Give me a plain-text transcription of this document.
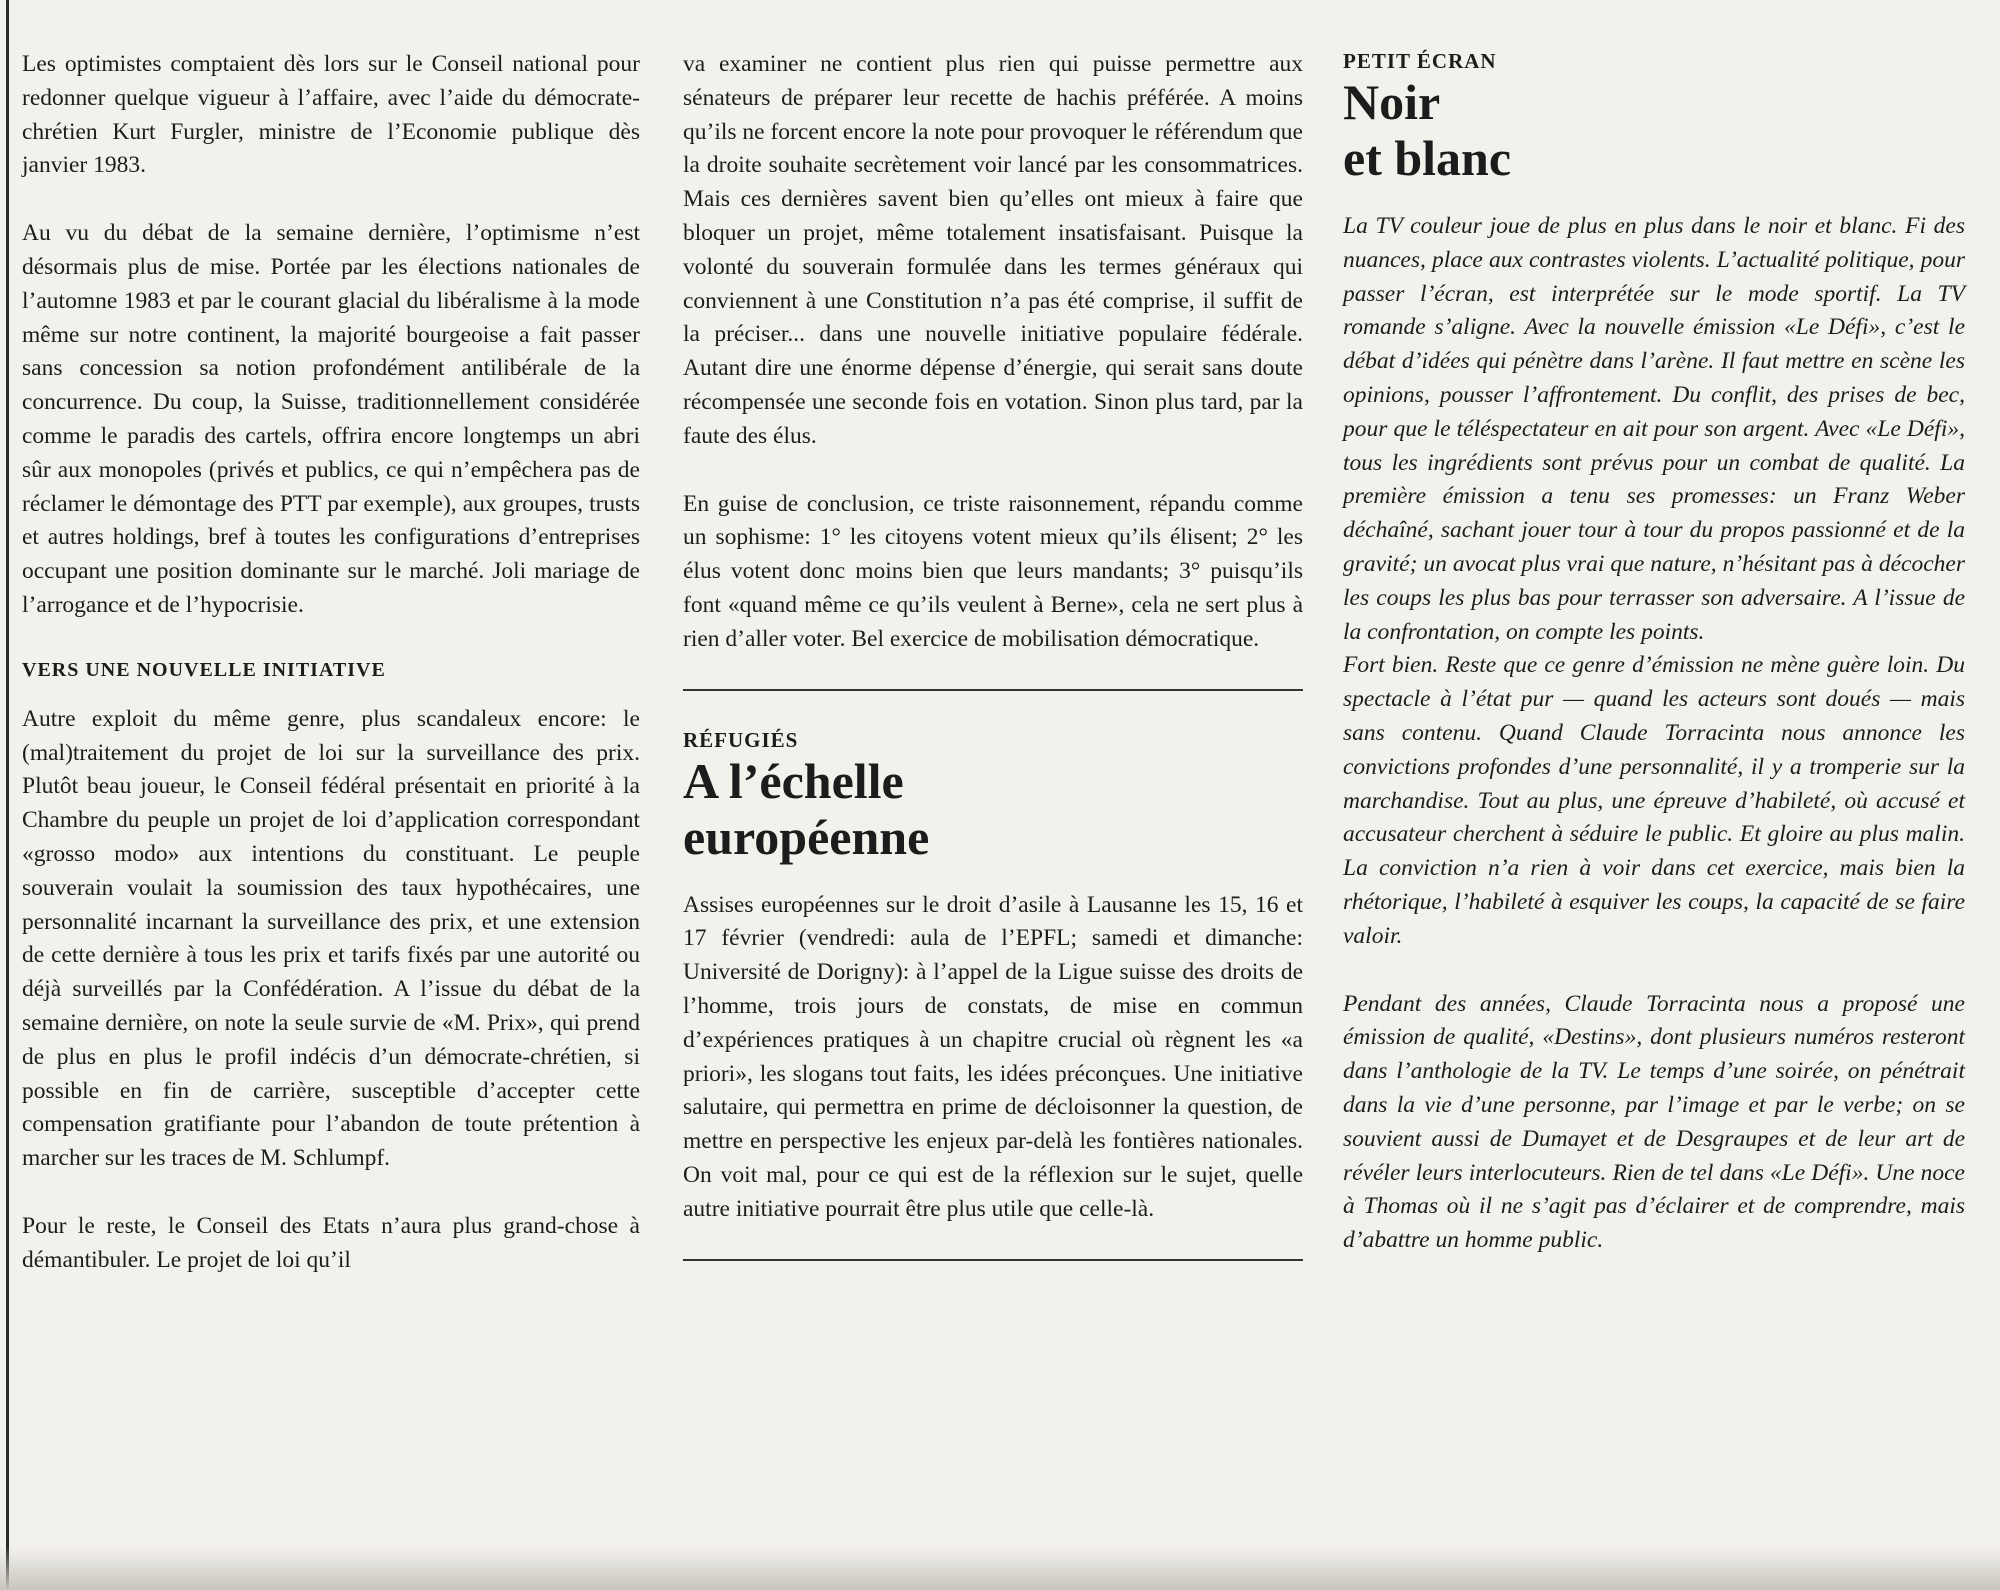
Les optimistes comptaient dès lors sur le Conseil national pour redonner quelque vigueur à l’affaire, avec l’aide du démocrate-chrétien Kurt Furgler, ministre de l’Economie publique dès janvier 1983.

Au vu du débat de la semaine dernière, l’optimisme n’est désormais plus de mise. Portée par les élections nationales de l’automne 1983 et par le courant glacial du libéralisme à la mode même sur notre continent, la majorité bourgeoise a fait passer sans concession sa notion profondément antilibérale de la concurrence. Du coup, la Suisse, traditionnellement considérée comme le paradis des cartels, offrira encore longtemps un abri sûr aux monopoles (privés et publics, ce qui n’empêchera pas de réclamer le démontage des PTT par exemple), aux groupes, trusts et autres holdings, bref à toutes les configurations d’entreprises occupant une position dominante sur le marché. Joli mariage de l’arrogance et de l’hypocrisie.

VERS UNE NOUVELLE INITIATIVE

Autre exploit du même genre, plus scandaleux encore: le (mal)traitement du projet de loi sur la surveillance des prix. Plutôt beau joueur, le Conseil fédéral présentait en priorité à la Chambre du peuple un projet de loi d’application correspondant «grosso modo» aux intentions du constituant. Le peuple souverain voulait la soumission des taux hypothécaires, une personnalité incarnant la surveillance des prix, et une extension de cette dernière à tous les prix et tarifs fixés par une autorité ou déjà surveillés par la Confédération. A l’issue du débat de la semaine dernière, on note la seule survie de «M. Prix», qui prend de plus en plus le profil indécis d’un démocrate-chrétien, si possible en fin de carrière, susceptible d’accepter cette compensation gratifiante pour l’abandon de toute prétention à marcher sur les traces de M. Schlumpf.

Pour le reste, le Conseil des Etats n’aura plus grand-chose à démantibuler. Le projet de loi qu’il

va examiner ne contient plus rien qui puisse permettre aux sénateurs de préparer leur recette de hachis préférée. A moins qu’ils ne forcent encore la note pour provoquer le référendum que la droite souhaite secrètement voir lancé par les consommatrices. Mais ces dernières savent bien qu’elles ont mieux à faire que bloquer un projet, même totalement insatisfaisant. Puisque la volonté du souverain formulée dans les termes généraux qui conviennent à une Constitution n’a pas été comprise, il suffit de la préciser... dans une nouvelle initiative populaire fédérale. Autant dire une énorme dépense d’énergie, qui serait sans doute récompensée une seconde fois en votation. Sinon plus tard, par la faute des élus.

En guise de conclusion, ce triste raisonnement, répandu comme un sophisme: 1° les citoyens votent mieux qu’ils élisent; 2° les élus votent donc moins bien que leurs mandants; 3° puisqu’ils font «quand même ce qu’ils veulent à Berne», cela ne sert plus à rien d’aller voter. Bel exercice de mobilisation démocratique.

RÉFUGIÉS
A l’échelle
européenne

Assises européennes sur le droit d’asile à Lausanne les 15, 16 et 17 février (vendredi: aula de l’EPFL; samedi et dimanche: Université de Dorigny): à l’appel de la Ligue suisse des droits de l’homme, trois jours de constats, de mise en commun d’expériences pratiques à un chapitre crucial où règnent les «a priori», les slogans tout faits, les idées préconçues. Une initiative salutaire, qui permettra en prime de décloisonner la question, de mettre en perspective les enjeux par-delà les fontières nationales. On voit mal, pour ce qui est de la réflexion sur le sujet, quelle autre initiative pourrait être plus utile que celle-là.

PETIT ÉCRAN
Noir
et blanc

La TV couleur joue de plus en plus dans le noir et blanc. Fi des nuances, place aux contrastes violents. L’actualité politique, pour passer l’écran, est interprétée sur le mode sportif. La TV romande s’aligne. Avec la nouvelle émission «Le Défi», c’est le débat d’idées qui pénètre dans l’arène. Il faut mettre en scène les opinions, pousser l’affrontement. Du conflit, des prises de bec, pour que le téléspectateur en ait pour son argent. Avec «Le Défi», tous les ingrédients sont prévus pour un combat de qualité. La première émission a tenu ses promesses: un Franz Weber déchaîné, sachant jouer tour à tour du propos passionné et de la gravité; un avocat plus vrai que nature, n’hésitant pas à décocher les coups les plus bas pour terrasser son adversaire. A l’issue de la confrontation, on compte les points.

Fort bien. Reste que ce genre d’émission ne mène guère loin. Du spectacle à l’état pur — quand les acteurs sont doués — mais sans contenu. Quand Claude Torracinta nous annonce les convictions profondes d’une personnalité, il y a tromperie sur la marchandise. Tout au plus, une épreuve d’habileté, où accusé et accusateur cherchent à séduire le public. Et gloire au plus malin. La conviction n’a rien à voir dans cet exercice, mais bien la rhétorique, l’habileté à esquiver les coups, la capacité de se faire valoir.

Pendant des années, Claude Torracinta nous a proposé une émission de qualité, «Destins», dont plusieurs numéros resteront dans l’anthologie de la TV. Le temps d’une soirée, on pénétrait dans la vie d’une personne, par l’image et par le verbe; on se souvient aussi de Dumayet et de Desgraupes et de leur art de révéler leurs interlocuteurs. Rien de tel dans «Le Défi». Une noce à Thomas où il ne s’agit pas d’éclairer et de comprendre, mais d’abattre un homme public.
